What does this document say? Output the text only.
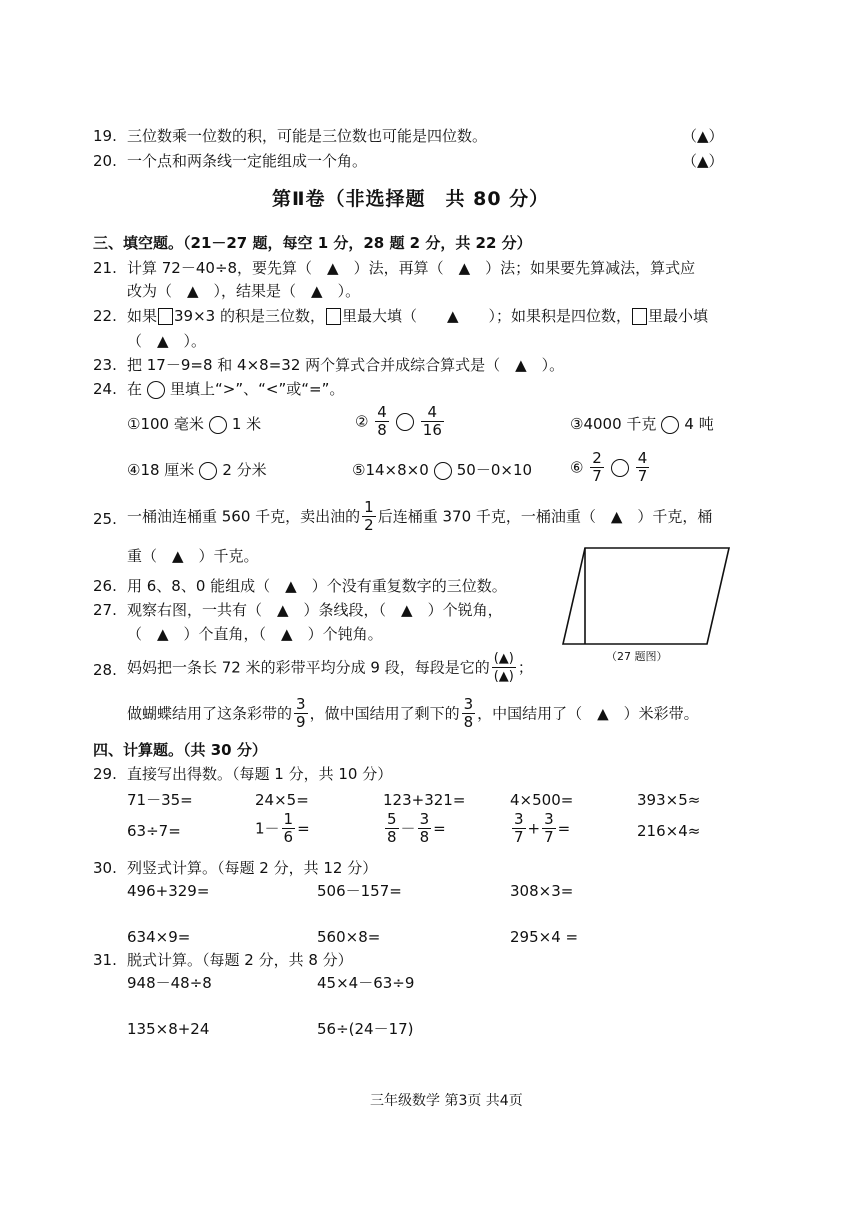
19. 三位数乘一位数的积，可能是三位数也可能是四位数。	（▲）
20. 一个点和两条线一定能组成一个角。	（▲）
第Ⅱ卷（非选择题　共 80 分）
三、填空题。（21－27 题，每空 1 分，28 题 2 分，共 22 分）
21. 计算 72－40÷8，要先算（　▲　）法，再算（　▲　）法；如果要先算减法，算式应
改为（　▲　），结果是（　▲　）。
22. 如果 39×3 的积是三位数， 里最大填（　　▲　　）；如果积是四位数， 里最小填
（　▲　）。
23. 把 17－9=8 和 4×8=32 两个算式合并成综合算式是（　▲　）。
24. 在 里填上“>”、“<”或“=”。
①100 毫米 1 米	② $\frac{4}{8} \frac{4}{16}$	③4000 千克 4 吨
④18 厘米 2 分米	⑤14×8×0 50－0×10	⑥ $\frac{2}{7} \frac{4}{7}$
25. 一桶油连桶重 560 千克，卖出油的 $\frac{1}{2}$ 后连桶重 370 千克，一桶油重（　▲　）千克，桶
重（　▲　）千克。
（27 题图）
26. 用 6、8、0 能组成（　▲　）个没有重复数字的三位数。
27. 观察右图，一共有（　▲　）条线段，（　▲　）个锐角，
（　▲　）个直角，（　▲　）个钝角。
28. 妈妈把一条长 72 米的彩带平均分成 9 段，每段是它的 $\frac{(▲)}{(▲)}$ ；
做蝴蝶结用了这条彩带的 $\frac{3}{9}$ ，做中国结用了剩下的 $\frac{3}{8}$ ，中国结用了（　▲　）米彩带。
四、计算题。（共 30 分）
29. 直接写出得数。（每题 1 分，共 10 分）
71－35=	24×5=	123+321=	4×500=	393×5≈
63÷7=	$1- \frac{1}{6}$ =	$\frac{5}{8} - \frac{3}{8}$ =	$\frac{3}{7} + \frac{3}{7}$ =	216×4≈
30. 列竖式计算。（每题 2 分，共 12 分）
496+329=	506－157=	308×3=
634×9=	560×8=	295×4 =
31. 脱式计算。（每题 2 分，共 8 分）
948－48÷8	45×4－63÷9
135×8+24	56÷(24－17)
三年级数学 第3页 共4页
